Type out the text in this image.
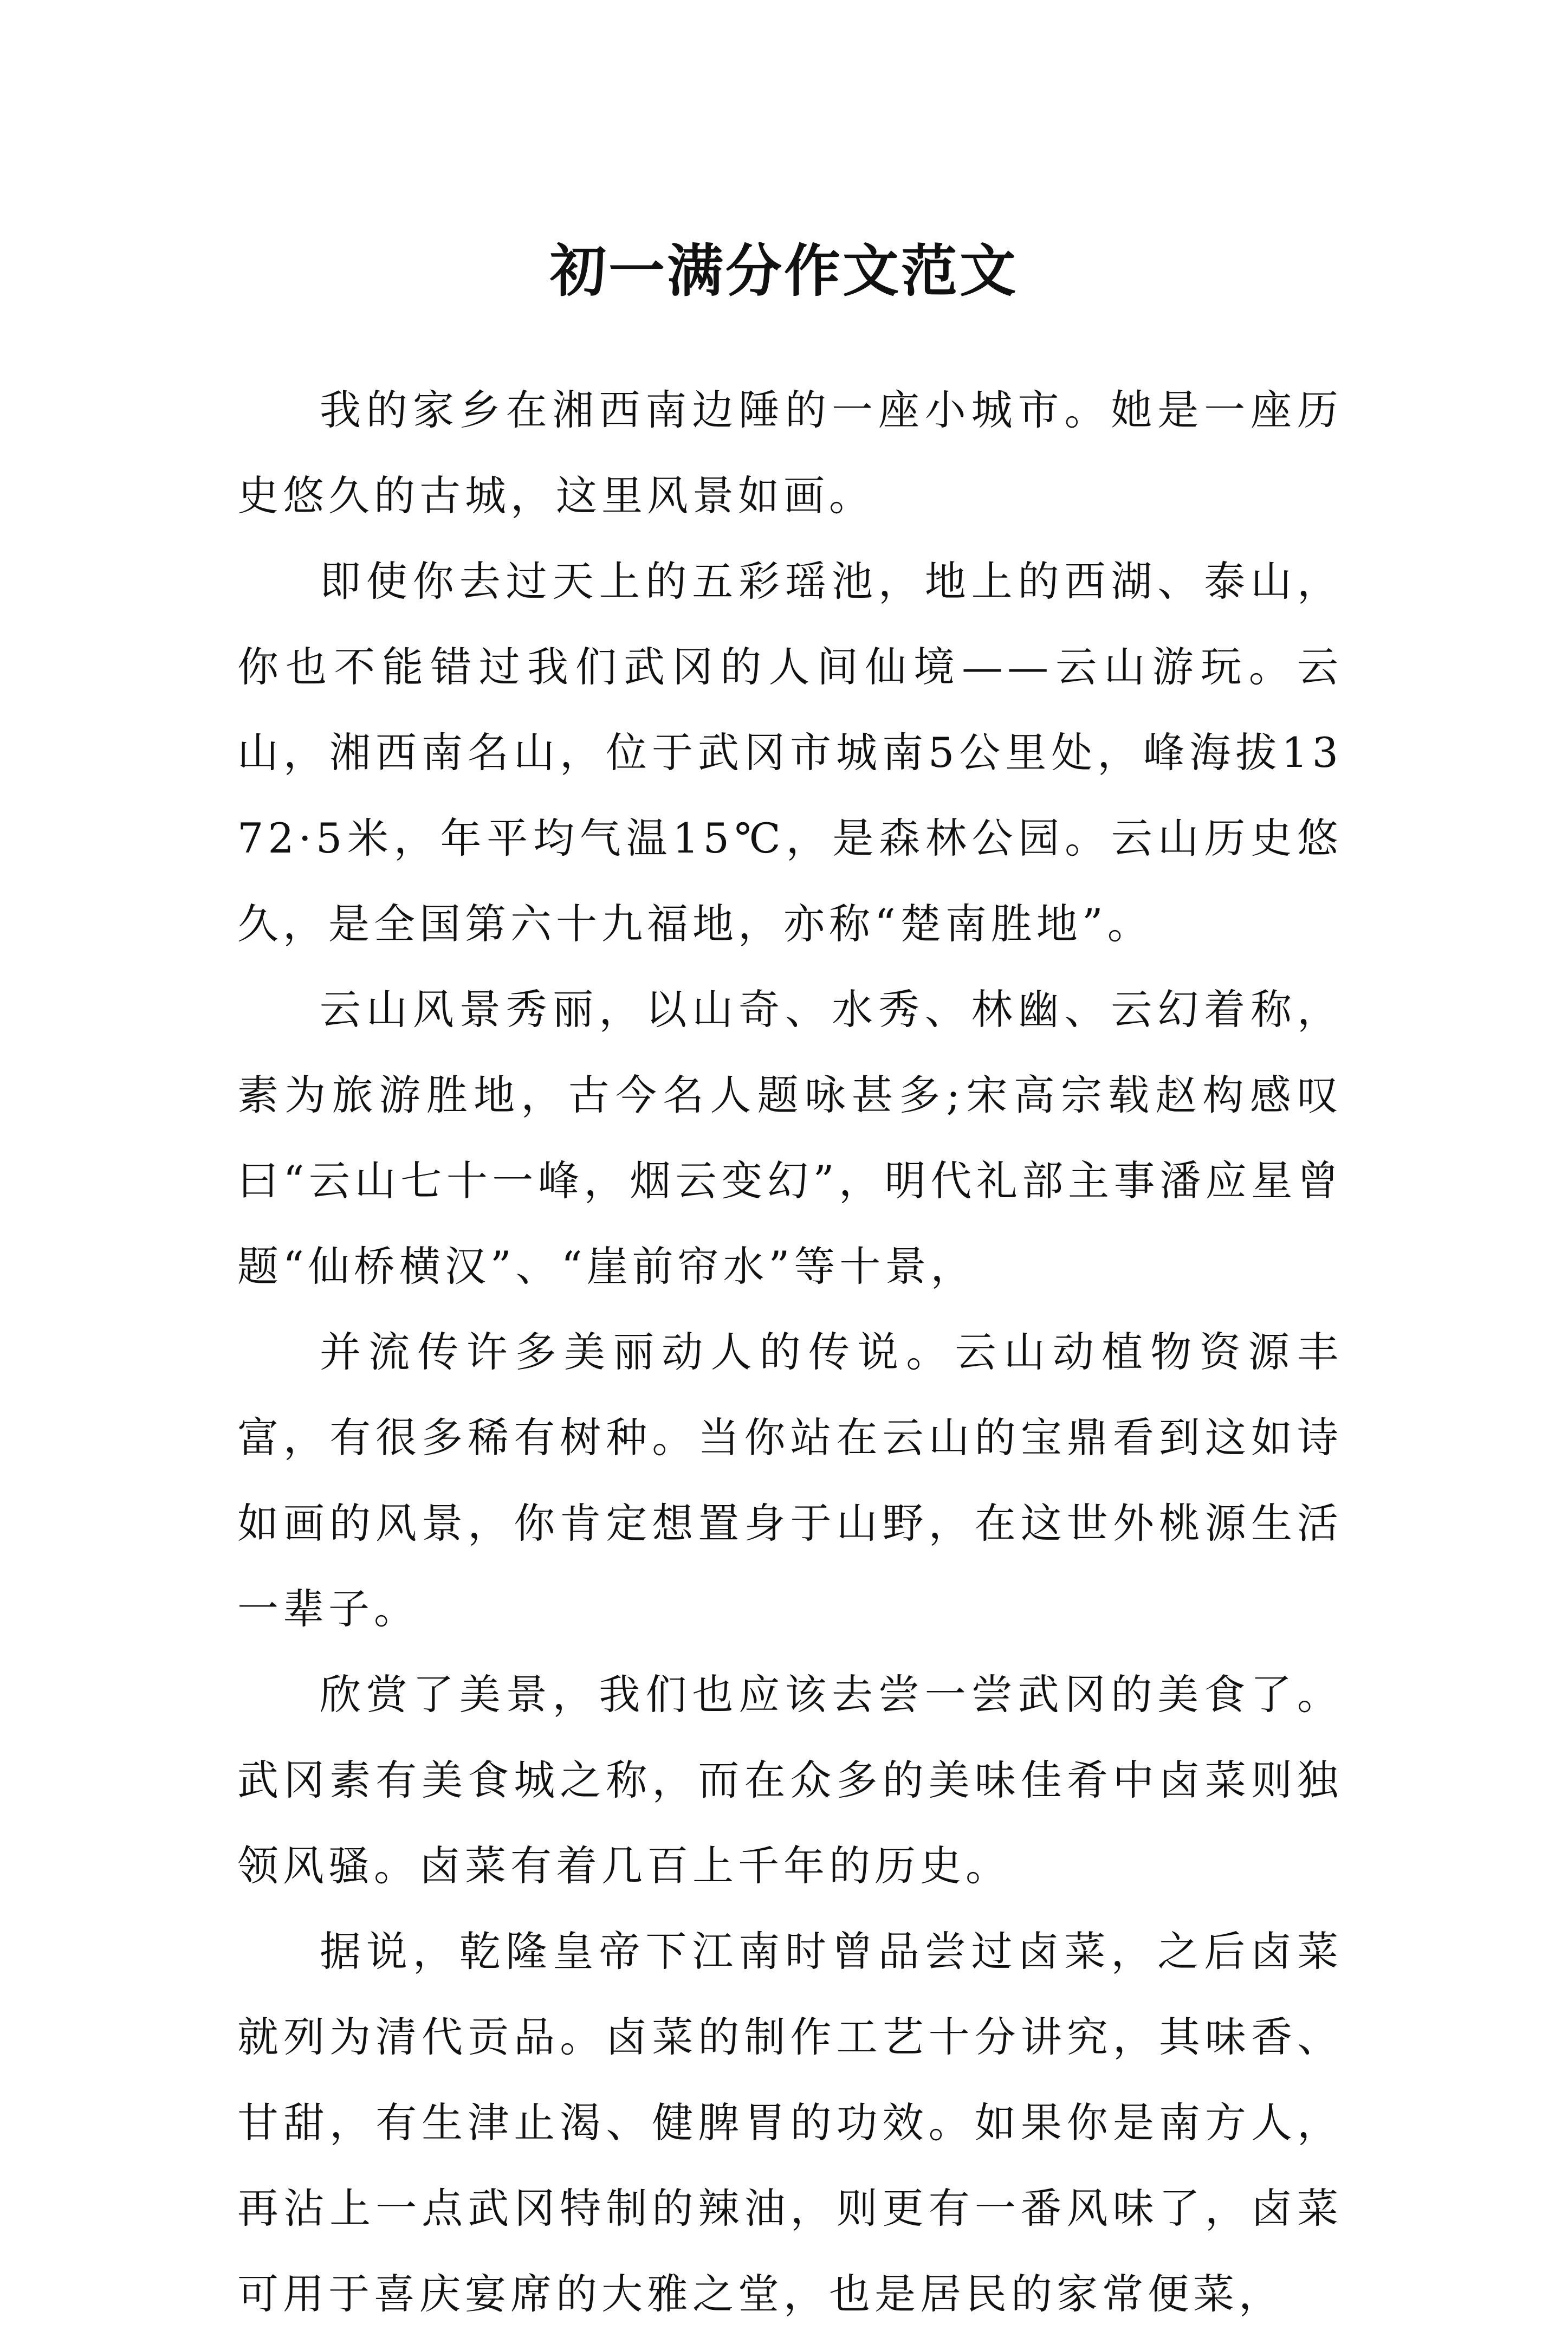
初一满分作文范文

我的家乡在湘西南边陲的一座小城市。她是一座历史悠久的古城，这里风景如画。

即使你去过天上的五彩瑶池，地上的西湖、泰山，你也不能错过我们武冈的人间仙境——云山游玩。云山，湘西南名山，位于武冈市城南5公里处，峰海拔1372·5米，年平均气温15℃，是森林公园。云山历史悠久，是全国第六十九福地，亦称“楚南胜地”。

云山风景秀丽，以山奇、水秀、林幽、云幻着称，素为旅游胜地，古今名人题咏甚多;宋高宗载赵构感叹曰“云山七十一峰，烟云变幻”，明代礼部主事潘应星曾题“仙桥横汉”、“崖前帘水”等十景，

并流传许多美丽动人的传说。云山动植物资源丰富，有很多稀有树种。当你站在云山的宝鼎看到这如诗如画的风景，你肯定想置身于山野，在这世外桃源生活一辈子。

欣赏了美景，我们也应该去尝一尝武冈的美食了。武冈素有美食城之称，而在众多的美味佳肴中卤菜则独领风骚。卤菜有着几百上千年的历史。

据说，乾隆皇帝下江南时曾品尝过卤菜，之后卤菜就列为清代贡品。卤菜的制作工艺十分讲究，其味香、甘甜，有生津止渴、健脾胃的功效。如果你是南方人，再沾上一点武冈特制的辣油，则更有一番风味了，卤菜可用于喜庆宴席的大雅之堂，也是居民的家常便菜，
